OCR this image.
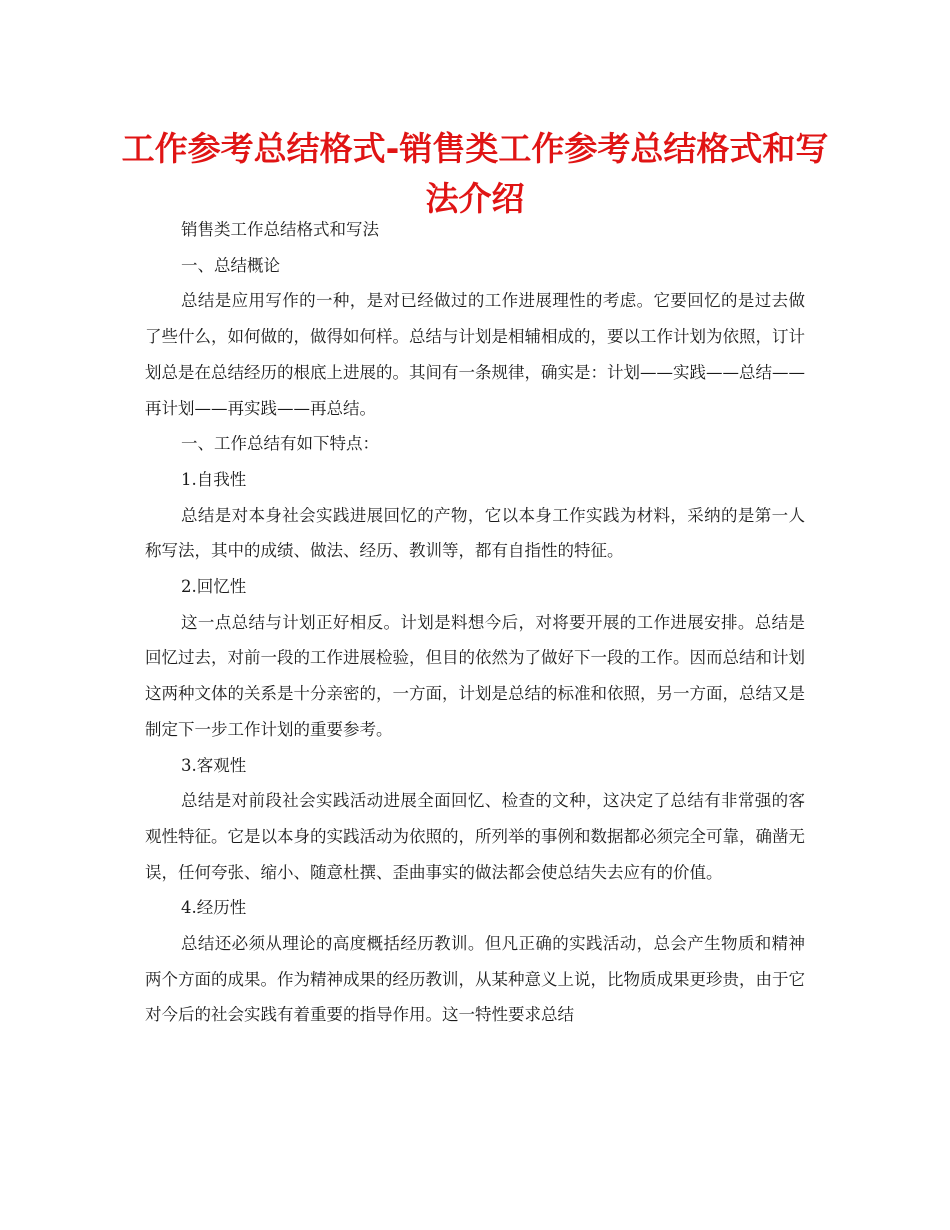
工作参考总结格式-销售类工作参考总结格式和写法介绍

销售类工作总结格式和写法

一、总结概论

总结是应用写作的一种，是对已经做过的工作进展理性的考虑。它要回忆的是过去做了些什么，如何做的，做得如何样。总结与计划是相辅相成的，要以工作计划为依照，订计划总是在总结经历的根底上进展的。其间有一条规律，确实是：计划——实践——总结——再计划——再实践——再总结。

一、工作总结有如下特点：

1.自我性

总结是对本身社会实践进展回忆的产物，它以本身工作实践为材料，采纳的是第一人称写法，其中的成绩、做法、经历、教训等，都有自指性的特征。

2.回忆性

这一点总结与计划正好相反。计划是料想今后，对将要开展的工作进展安排。总结是回忆过去，对前一段的工作进展检验，但目的依然为了做好下一段的工作。因而总结和计划这两种文体的关系是十分亲密的，一方面，计划是总结的标准和依照，另一方面，总结又是制定下一步工作计划的重要参考。

3.客观性

总结是对前段社会实践活动进展全面回忆、检查的文种，这决定了总结有非常强的客观性特征。它是以本身的实践活动为依照的，所列举的事例和数据都必须完全可靠，确凿无误，任何夸张、缩小、随意杜撰、歪曲事实的做法都会使总结失去应有的价值。

4.经历性

总结还必须从理论的高度概括经历教训。但凡正确的实践活动，总会产生物质和精神两个方面的成果。作为精神成果的经历教训，从某种意义上说，比物质成果更珍贵，由于它对今后的社会实践有着重要的指导作用。这一特性要求总结
